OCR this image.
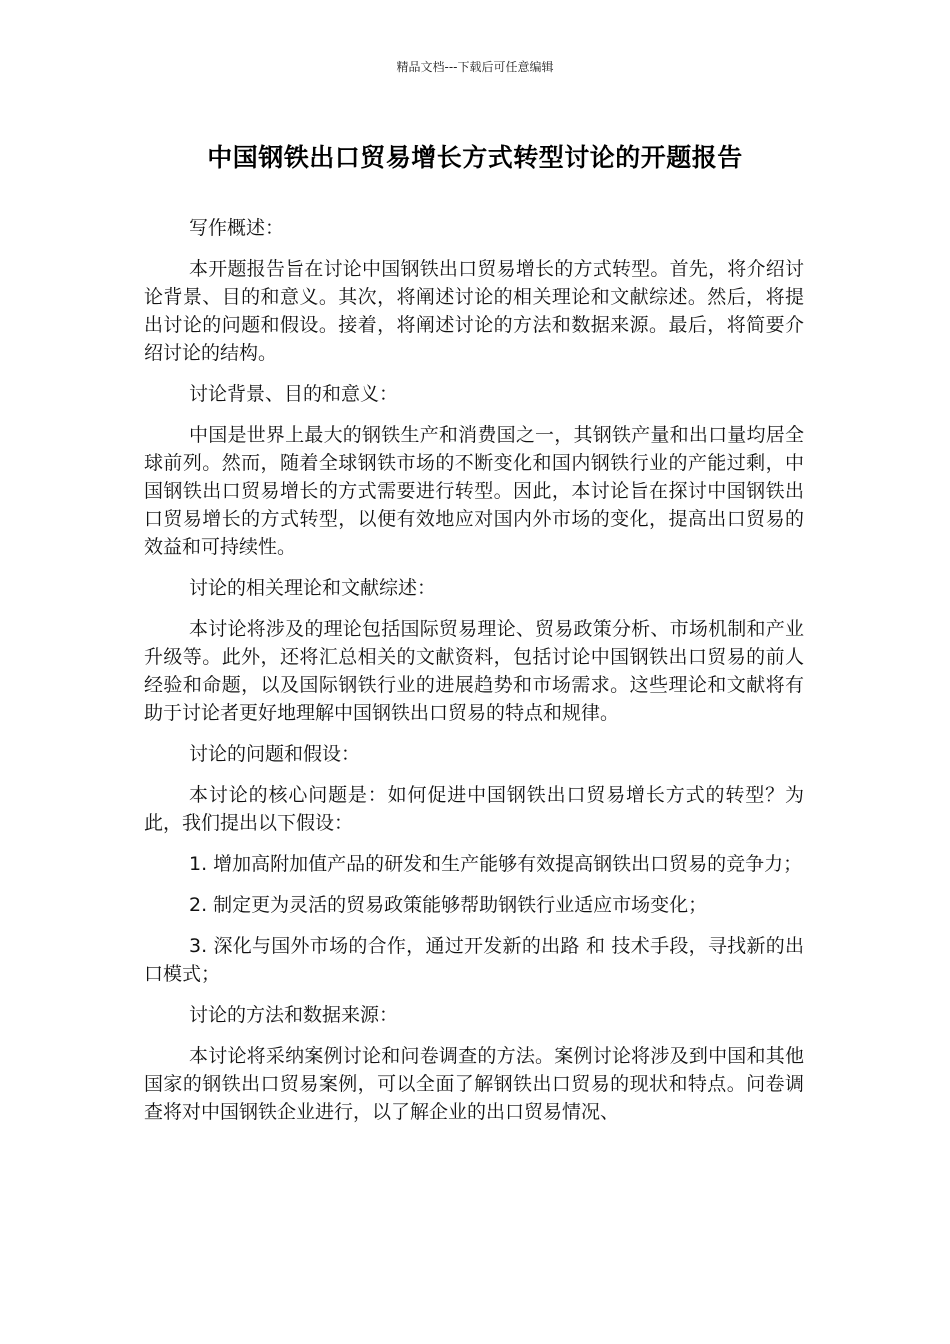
精品文档---下载后可任意编辑
中国钢铁出口贸易增长方式转型讨论的开题报告

写作概述：

本开题报告旨在讨论中国钢铁出口贸易增长的方式转型。首先，将介绍讨论背景、目的和意义。其次，将阐述讨论的相关理论和文献综述。然后，将提出讨论的问题和假设。接着，将阐述讨论的方法和数据来源。最后，将简要介绍讨论的结构。

讨论背景、目的和意义：

中国是世界上最大的钢铁生产和消费国之一，其钢铁产量和出口量均居全球前列。然而，随着全球钢铁市场的不断变化和国内钢铁行业的产能过剩，中国钢铁出口贸易增长的方式需要进行转型。因此，本讨论旨在探讨中国钢铁出口贸易增长的方式转型，以便有效地应对国内外市场的变化，提高出口贸易的效益和可持续性。

讨论的相关理论和文献综述：

本讨论将涉及的理论包括国际贸易理论、贸易政策分析、市场机制和产业升级等。此外，还将汇总相关的文献资料，包括讨论中国钢铁出口贸易的前人经验和命题，以及国际钢铁行业的进展趋势和市场需求。这些理论和文献将有助于讨论者更好地理解中国钢铁出口贸易的特点和规律。

讨论的问题和假设：

本讨论的核心问题是：如何促进中国钢铁出口贸易增长方式的转型？为此，我们提出以下假设：

1. 增加高附加值产品的研发和生产能够有效提高钢铁出口贸易的竞争力；

2. 制定更为灵活的贸易政策能够帮助钢铁行业适应市场变化；

3. 深化与国外市场的合作，通过开发新的出路 和 技术手段，寻找新的出口模式；

讨论的方法和数据来源：

本讨论将采纳案例讨论和问卷调查的方法。案例讨论将涉及到中国和其他国家的钢铁出口贸易案例，可以全面了解钢铁出口贸易的现状和特点。问卷调查将对中国钢铁企业进行，以了解企业的出口贸易情况、
